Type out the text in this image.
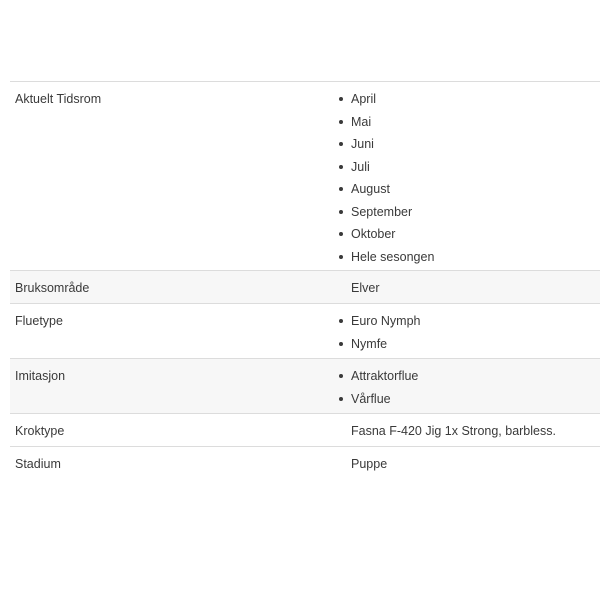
Aktuelt Tidsrom	April
Mai
Juni
Juli
August
September
Oktober
Hele sesongen
Bruksområde	Elver
Fluetype	Euro Nymph
Nymfe
Imitasjon	Attraktorflue
Vårflue
Kroktype	Fasna F-420 Jig 1x Strong, barbless.
Stadium	Puppe
